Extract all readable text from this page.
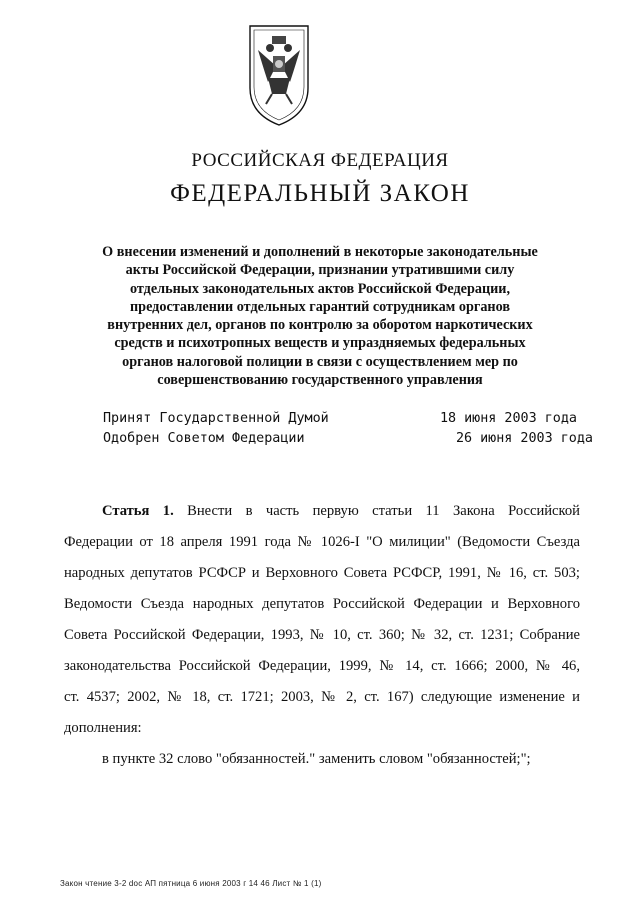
РОССИЙСКАЯ ФЕДЕРАЦИЯ
ФЕДЕРАЛЬНЫЙ ЗАКОН
О внесении изменений и дополнений в некоторые законодательные
акты Российской Федерации, признании утратившими силу
отдельных законодательных актов Российской Федерации,
предоставлении отдельных гарантий сотрудникам органов
внутренних дел, органов по контролю за оборотом наркотических
средств и психотропных веществ и упраздняемых федеральных
органов налоговой полиции в связи с осуществлением мер по
совершенствованию государственного управления
Принят Государственной Думой	18 июня 2003 года
Одобрен Советом Федерации	26 июня 2003 года
Статья 1. Внести в часть первую статьи 11 Закона Российской
Федерации от 18 апреля 1991 года № 1026-I "О милиции" (Ведомости Съезда
народных депутатов РСФСР и Верховного Совета РСФСР, 1991, № 16, ст. 503;
Ведомости Съезда народных депутатов Российской Федерации и Верховного
Совета Российской Федерации, 1993, № 10, ст. 360; № 32, ст. 1231; Собрание
законодательства Российской Федерации, 1999, № 14, ст. 1666; 2000, № 46,
ст. 4537; 2002, № 18, ст. 1721; 2003, № 2, ст. 167) следующие изменение и
дополнения:
в пункте 32 слово "обязанностей." заменить словом "обязанностей;";
Закон чтение 3-2 doc АП пятница 6 июня 2003 г 14 46 Лист № 1 (1)
